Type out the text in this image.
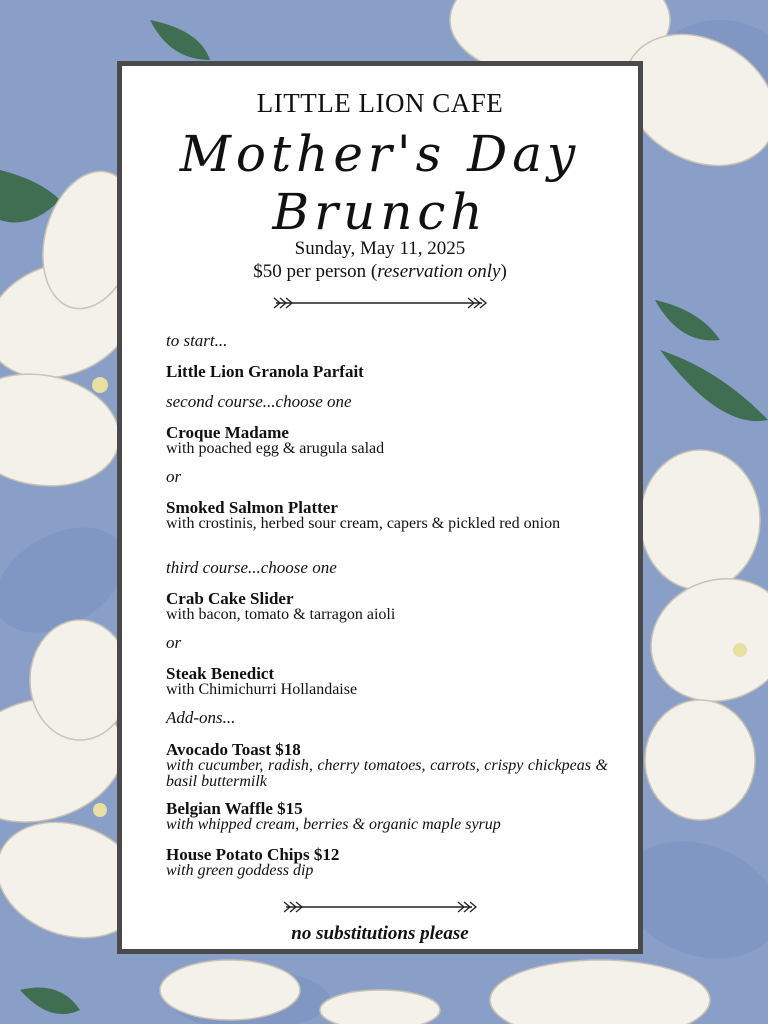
LITTLE LION CAFE
Mother's Day
Brunch
Sunday, May 11, 2025
$50 per person (reservation only)
to start...
Little Lion Granola Parfait
second course...choose one
Croque Madame
with poached egg & arugula salad
or
Smoked Salmon Platter
with crostinis, herbed sour cream, capers & pickled red onion
third course...choose one
Crab Cake Slider
with bacon, tomato & tarragon aioli
or
Steak Benedict
with Chimichurri Hollandaise
Add-ons...
Avocado Toast $18
with cucumber, radish, cherry tomatoes, carrots, crispy chickpeas & basil buttermilk
Belgian Waffle $15
with whipped cream, berries & organic maple syrup
House Potato Chips $12
with green goddess dip
no substitutions please
